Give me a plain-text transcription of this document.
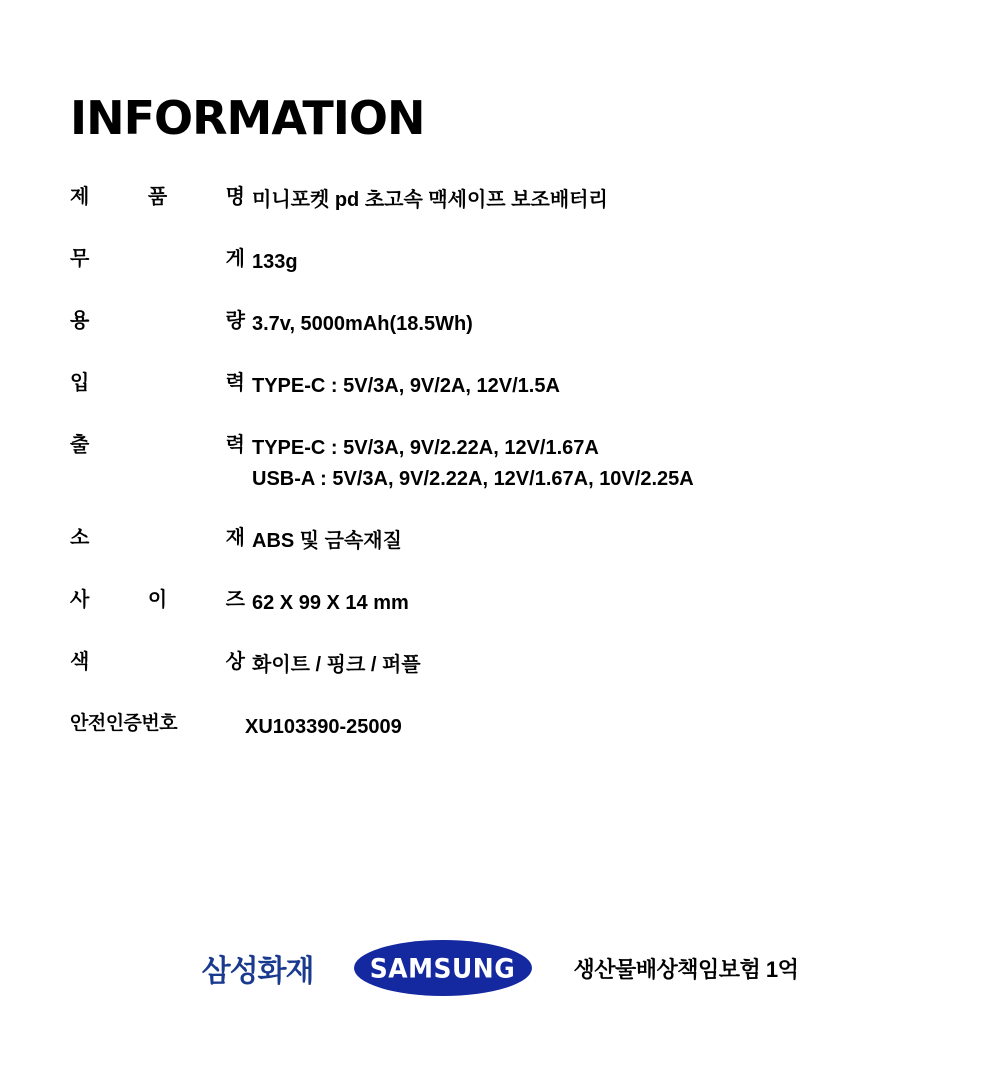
INFORMATION
제	품	명 미니포켓 pd 초고속 맥세이프 보조배터리
무	게 133g
용	량 3.7v, 5000mAh(18.5Wh)
입	력 TYPE-C : 5V/3A, 9V/2A, 12V/1.5A
출	력 TYPE-C : 5V/3A, 9V/2.22A, 12V/1.67A
USB-A : 5V/3A, 9V/2.22A, 12V/1.67A, 10V/2.25A
소	재 ABS 및 금속재질
사	이	즈 62 X 99 X 14 mm
색	상 화이트 / 핑크 / 퍼플
안전인증번호	XU103390-25009
삼성화재 SAMSUNG	생산물배상책임보험 1억
